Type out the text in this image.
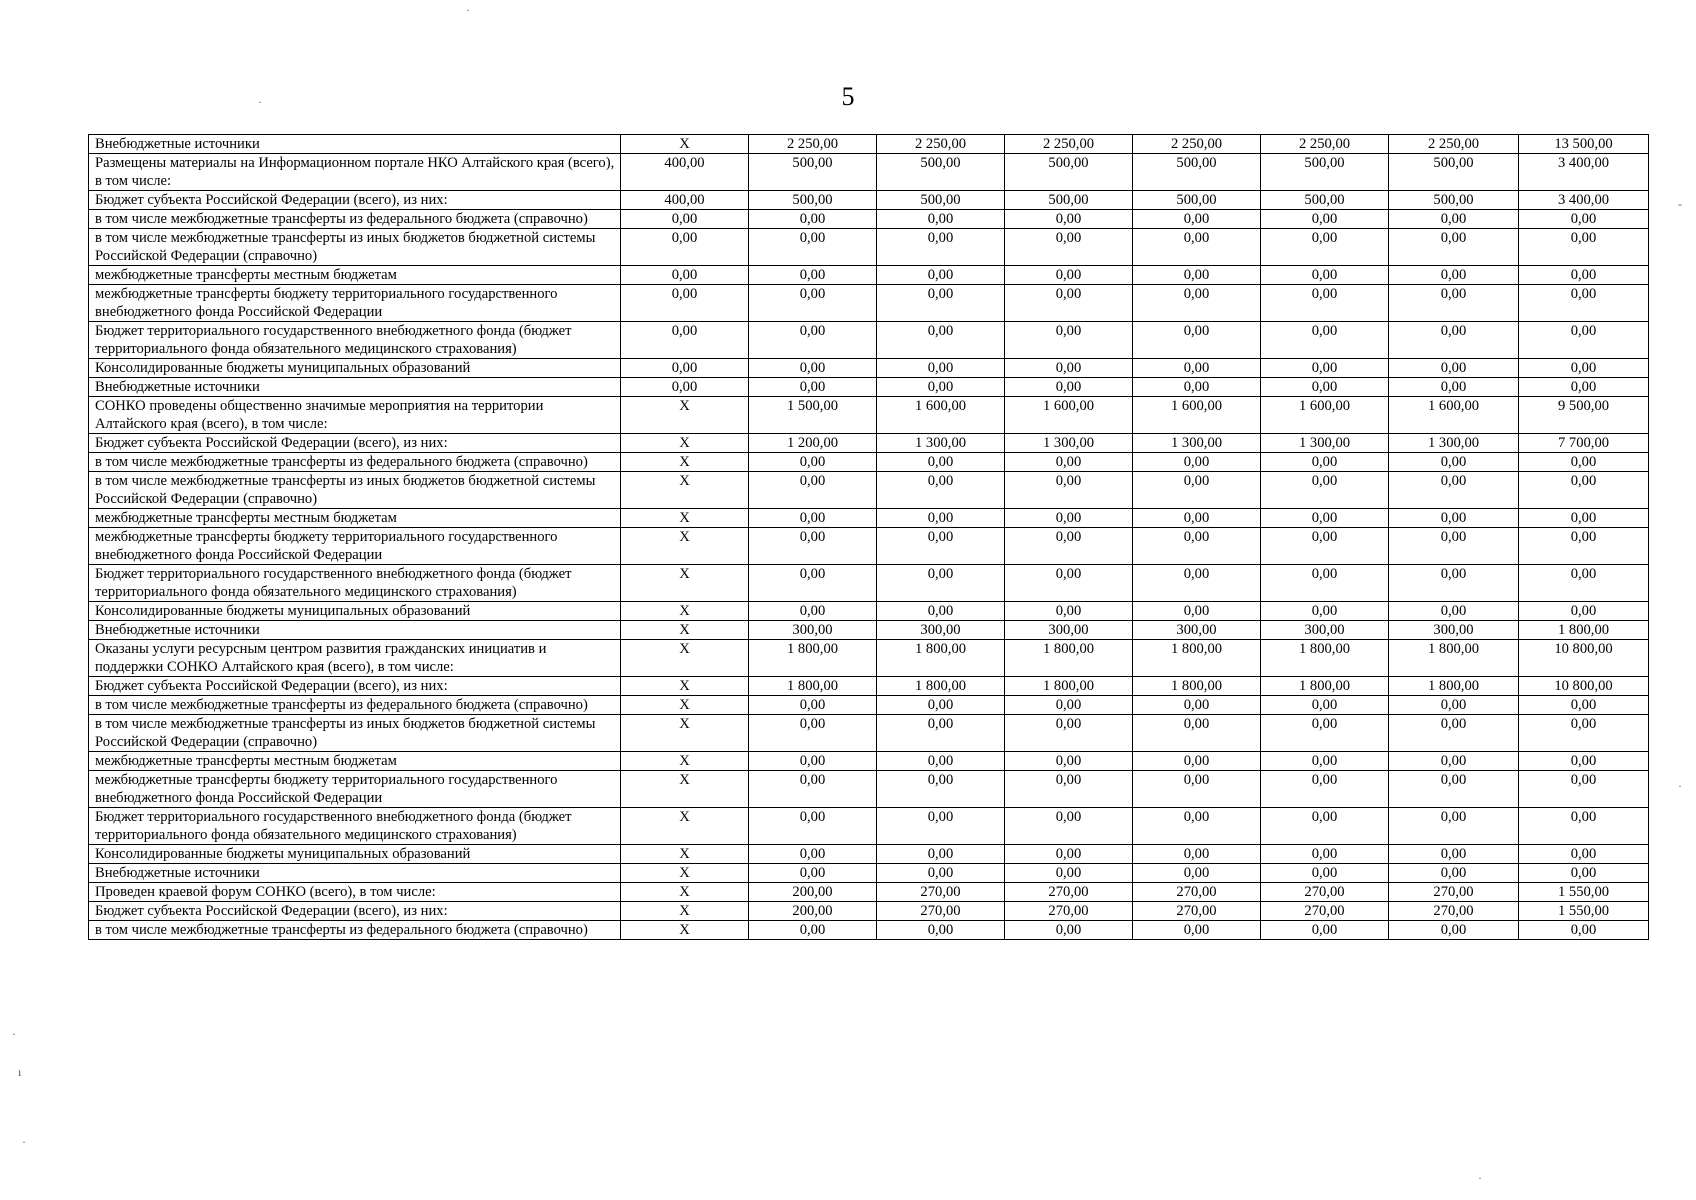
5
·
·
-
·
·
ı
·
·
Внебюджетные источники	Х	2 250,00	2 250,00	2 250,00	2 250,00	2 250,00	2 250,00	13 500,00
Размещены материалы на Информационном портале НКО Алтайского края (всего), в том числе:	400,00	500,00	500,00	500,00	500,00	500,00	500,00	3 400,00
Бюджет субъекта Российской Федерации (всего), из них:	400,00	500,00	500,00	500,00	500,00	500,00	500,00	3 400,00
в том числе межбюджетные трансферты из федерального бюджета (справочно)	0,00	0,00	0,00	0,00	0,00	0,00	0,00	0,00
в том числе межбюджетные трансферты из иных бюджетов бюджетной системы Российской Федерации (справочно)	0,00	0,00	0,00	0,00	0,00	0,00	0,00	0,00
межбюджетные трансферты местным бюджетам	0,00	0,00	0,00	0,00	0,00	0,00	0,00	0,00
межбюджетные трансферты бюджету территориального государственного внебюджетного фонда Российской Федерации	0,00	0,00	0,00	0,00	0,00	0,00	0,00	0,00
Бюджет территориального государственного внебюджетного фонда (бюджет территориального фонда обязательного медицинского страхования)	0,00	0,00	0,00	0,00	0,00	0,00	0,00	0,00
Консолидированные бюджеты муниципальных образований	0,00	0,00	0,00	0,00	0,00	0,00	0,00	0,00
Внебюджетные источники	0,00	0,00	0,00	0,00	0,00	0,00	0,00	0,00
СОНКО проведены общественно значимые мероприятия на территории Алтайского края (всего), в том числе:	Х	1 500,00	1 600,00	1 600,00	1 600,00	1 600,00	1 600,00	9 500,00
Бюджет субъекта Российской Федерации (всего), из них:	Х	1 200,00	1 300,00	1 300,00	1 300,00	1 300,00	1 300,00	7 700,00
в том числе межбюджетные трансферты из федерального бюджета (справочно)	Х	0,00	0,00	0,00	0,00	0,00	0,00	0,00
в том числе межбюджетные трансферты из иных бюджетов бюджетной системы Российской Федерации (справочно)	Х	0,00	0,00	0,00	0,00	0,00	0,00	0,00
межбюджетные трансферты местным бюджетам	Х	0,00	0,00	0,00	0,00	0,00	0,00	0,00
межбюджетные трансферты бюджету территориального государственного внебюджетного фонда Российской Федерации	Х	0,00	0,00	0,00	0,00	0,00	0,00	0,00
Бюджет территориального государственного внебюджетного фонда (бюджет территориального фонда обязательного медицинского страхования)	Х	0,00	0,00	0,00	0,00	0,00	0,00	0,00
Консолидированные бюджеты муниципальных образований	Х	0,00	0,00	0,00	0,00	0,00	0,00	0,00
Внебюджетные источники	Х	300,00	300,00	300,00	300,00	300,00	300,00	1 800,00
Оказаны услуги ресурсным центром развития гражданских инициатив и поддержки СОНКО Алтайского края (всего), в том числе:	Х	1 800,00	1 800,00	1 800,00	1 800,00	1 800,00	1 800,00	10 800,00
Бюджет субъекта Российской Федерации (всего), из них:	Х	1 800,00	1 800,00	1 800,00	1 800,00	1 800,00	1 800,00	10 800,00
в том числе межбюджетные трансферты из федерального бюджета (справочно)	Х	0,00	0,00	0,00	0,00	0,00	0,00	0,00
в том числе межбюджетные трансферты из иных бюджетов бюджетной системы Российской Федерации (справочно)	Х	0,00	0,00	0,00	0,00	0,00	0,00	0,00
межбюджетные трансферты местным бюджетам	Х	0,00	0,00	0,00	0,00	0,00	0,00	0,00
межбюджетные трансферты бюджету территориального государственного внебюджетного фонда Российской Федерации	Х	0,00	0,00	0,00	0,00	0,00	0,00	0,00
Бюджет территориального государственного внебюджетного фонда (бюджет территориального фонда обязательного медицинского страхования)	Х	0,00	0,00	0,00	0,00	0,00	0,00	0,00
Консолидированные бюджеты муниципальных образований	Х	0,00	0,00	0,00	0,00	0,00	0,00	0,00
Внебюджетные источники	Х	0,00	0,00	0,00	0,00	0,00	0,00	0,00
Проведен краевой форум СОНКО (всего), в том числе:	Х	200,00	270,00	270,00	270,00	270,00	270,00	1 550,00
Бюджет субъекта Российской Федерации (всего), из них:	Х	200,00	270,00	270,00	270,00	270,00	270,00	1 550,00
в том числе межбюджетные трансферты из федерального бюджета (справочно)	Х	0,00	0,00	0,00	0,00	0,00	0,00	0,00
